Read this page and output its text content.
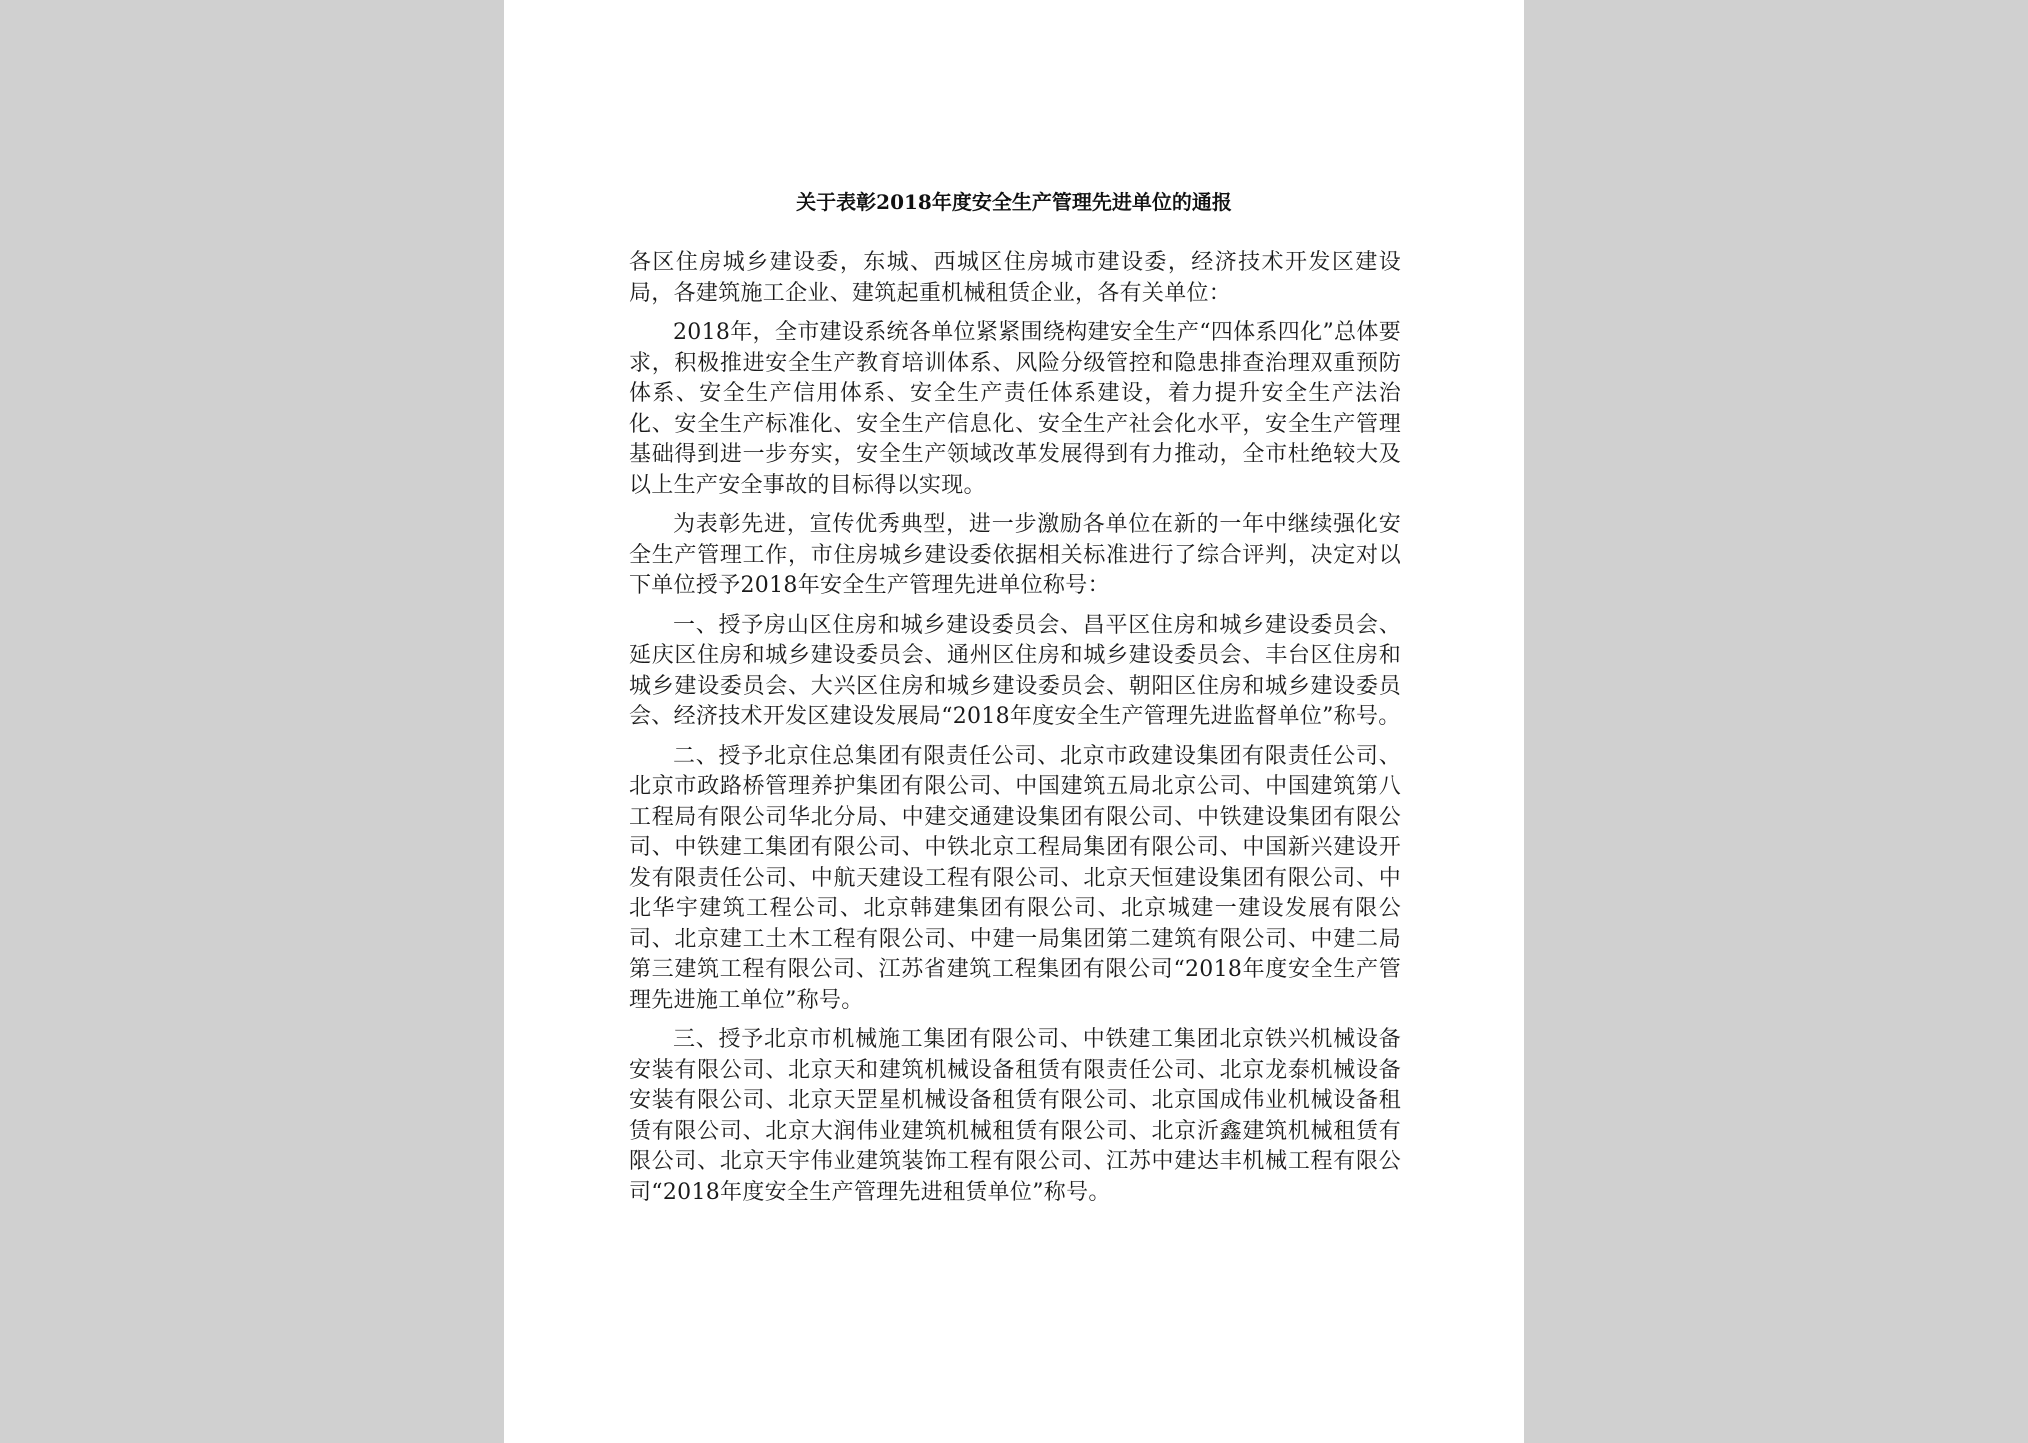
关于表彰2018年度安全生产管理先进单位的通报

各区住房城乡建设委，东城、西城区住房城市建设委，经济技术开发区建设局，各建筑施工企业、建筑起重机械租赁企业，各有关单位：

2018年，全市建设系统各单位紧紧围绕构建安全生产“四体系四化”总体要求，积极推进安全生产教育培训体系、风险分级管控和隐患排查治理双重预防体系、安全生产信用体系、安全生产责任体系建设，着力提升安全生产法治化、安全生产标准化、安全生产信息化、安全生产社会化水平，安全生产管理基础得到进一步夯实，安全生产领域改革发展得到有力推动，全市杜绝较大及以上生产安全事故的目标得以实现。

为表彰先进，宣传优秀典型，进一步激励各单位在新的一年中继续强化安全生产管理工作，市住房城乡建设委依据相关标准进行了综合评判，决定对以下单位授予2018年安全生产管理先进单位称号：

一、授予房山区住房和城乡建设委员会、昌平区住房和城乡建设委员会、延庆区住房和城乡建设委员会、通州区住房和城乡建设委员会、丰台区住房和城乡建设委员会、大兴区住房和城乡建设委员会、朝阳区住房和城乡建设委员会、经济技术开发区建设发展局“2018年度安全生产管理先进监督单位”称号。

二、授予北京住总集团有限责任公司、北京市政建设集团有限责任公司、北京市政路桥管理养护集团有限公司、中国建筑五局北京公司、中国建筑第八工程局有限公司华北分局、中建交通建设集团有限公司、中铁建设集团有限公司、中铁建工集团有限公司、中铁北京工程局集团有限公司、中国新兴建设开发有限责任公司、中航天建设工程有限公司、北京天恒建设集团有限公司、中北华宇建筑工程公司、北京韩建集团有限公司、北京城建一建设发展有限公司、北京建工土木工程有限公司、中建一局集团第二建筑有限公司、中建二局第三建筑工程有限公司、江苏省建筑工程集团有限公司“2018年度安全生产管理先进施工单位”称号。

三、授予北京市机械施工集团有限公司、中铁建工集团北京铁兴机械设备安装有限公司、北京天和建筑机械设备租赁有限责任公司、北京龙泰机械设备安装有限公司、北京天罡星机械设备租赁有限公司、北京国成伟业机械设备租赁有限公司、北京大润伟业建筑机械租赁有限公司、北京沂鑫建筑机械租赁有限公司、北京天宇伟业建筑装饰工程有限公司、江苏中建达丰机械工程有限公司“2018年度安全生产管理先进租赁单位”称号。
